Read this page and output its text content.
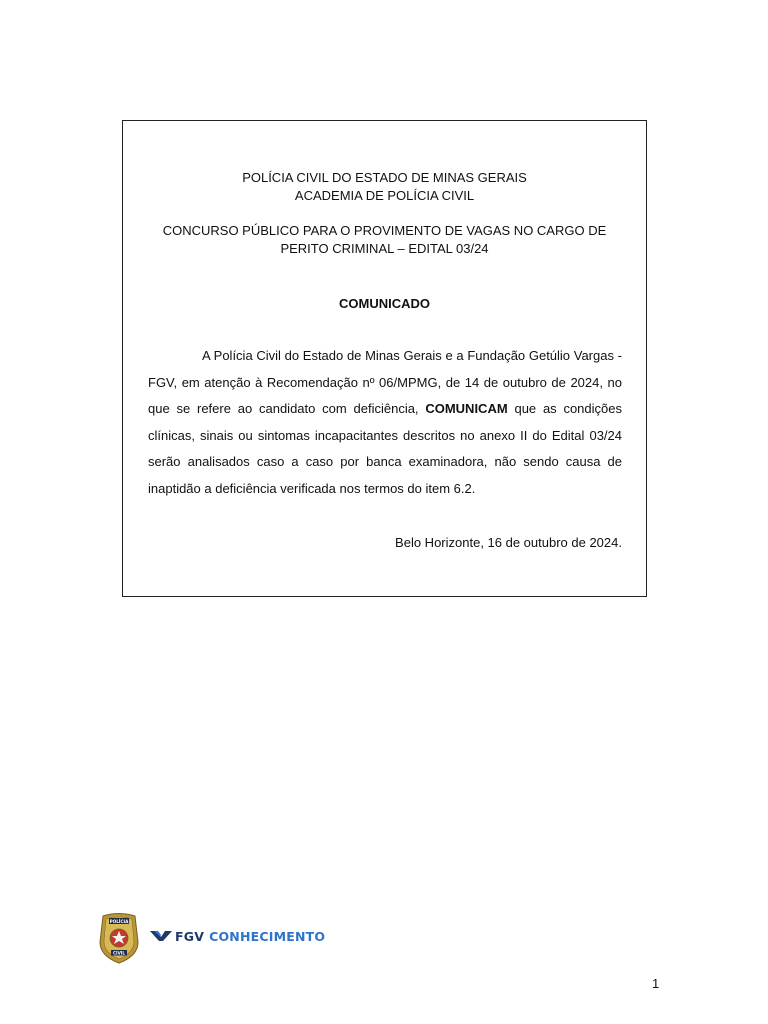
POLÍCIA CIVIL DO ESTADO DE MINAS GERAIS
ACADEMIA DE POLÍCIA CIVIL
CONCURSO PÚBLICO PARA O PROVIMENTO DE VAGAS NO CARGO DE
PERITO CRIMINAL – EDITAL 03/24
COMUNICADO

A Polícia Civil do Estado de Minas Gerais e a Fundação Getúlio Vargas - FGV, em atenção à Recomendação nº 06/MPMG, de 14 de outubro de 2024, no que se refere ao candidato com deficiência, COMUNICAM que as condições clínicas, sinais ou sintomas incapacitantes descritos no anexo II do Edital 03/24 serão analisados caso a caso por banca examinadora, não sendo causa de inaptidão a deficiência verificada nos termos do item 6.2.

Belo Horizonte, 16 de outubro de 2024.
POLÍCIA
CIVIL
FGV CONHECIMENTO
1
